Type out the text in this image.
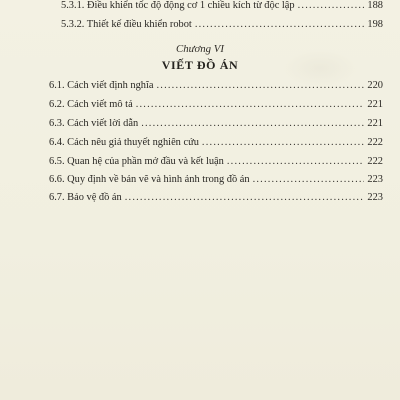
5.3.1. Điều khiển tốc độ động cơ 1 chiều kích từ độc lập .....	188
5.3.2. Thiết kế điều khiển robot .....	198
Chương VI
VIẾT ĐỒ ÁN
6.1. Cách viết định nghĩa .....	220
6.2. Cách viết mô tả .....	221
6.3. Cách viết lời dẫn .....	221
6.4. Cách nêu giả thuyết nghiên cứu .....	222
6.5. Quan hệ của phần mở đầu và kết luận .....	222
6.6. Quy định về bản vẽ và hình ảnh trong đồ án .....	223
6.7. Bảo vệ đồ án .....	223
